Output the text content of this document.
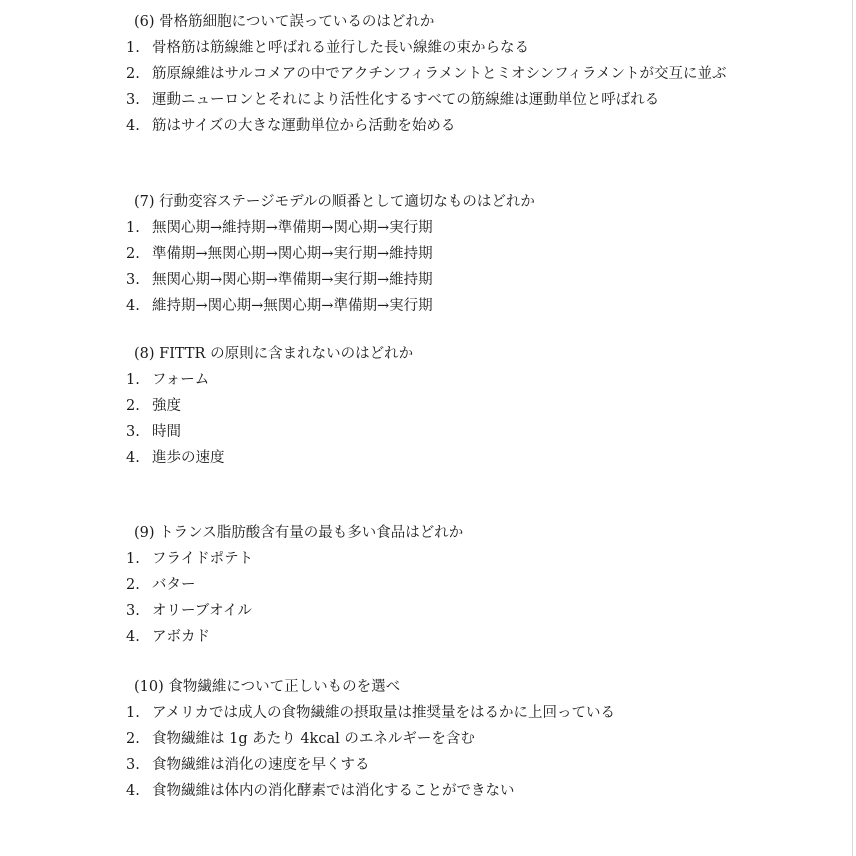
(6) 骨格筋細胞について誤っているのはどれか
1. 骨格筋は筋線維と呼ばれる並行した長い線維の束からなる
2. 筋原線維はサルコメアの中でアクチンフィラメントとミオシンフィラメントが交互に並ぶ
3. 運動ニューロンとそれにより活性化するすべての筋線維は運動単位と呼ばれる
4. 筋はサイズの大きな運動単位から活動を始める
(7) 行動変容ステージモデルの順番として適切なものはどれか
1. 無関心期→維持期→準備期→関心期→実行期
2. 準備期→無関心期→関心期→実行期→維持期
3. 無関心期→関心期→準備期→実行期→維持期
4. 維持期→関心期→無関心期→準備期→実行期
(8) FITTR の原則に含まれないのはどれか
1. フォーム
2. 強度
3. 時間
4. 進歩の速度
(9) トランス脂肪酸含有量の最も多い食品はどれか
1. フライドポテト
2. バター
3. オリーブオイル
4. アボカド
(10) 食物繊維について正しいものを選べ
1. アメリカでは成人の食物繊維の摂取量は推奨量をはるかに上回っている
2. 食物繊維は 1g あたり 4kcal のエネルギーを含む
3. 食物繊維は消化の速度を早くする
4. 食物繊維は体内の消化酵素では消化することができない
